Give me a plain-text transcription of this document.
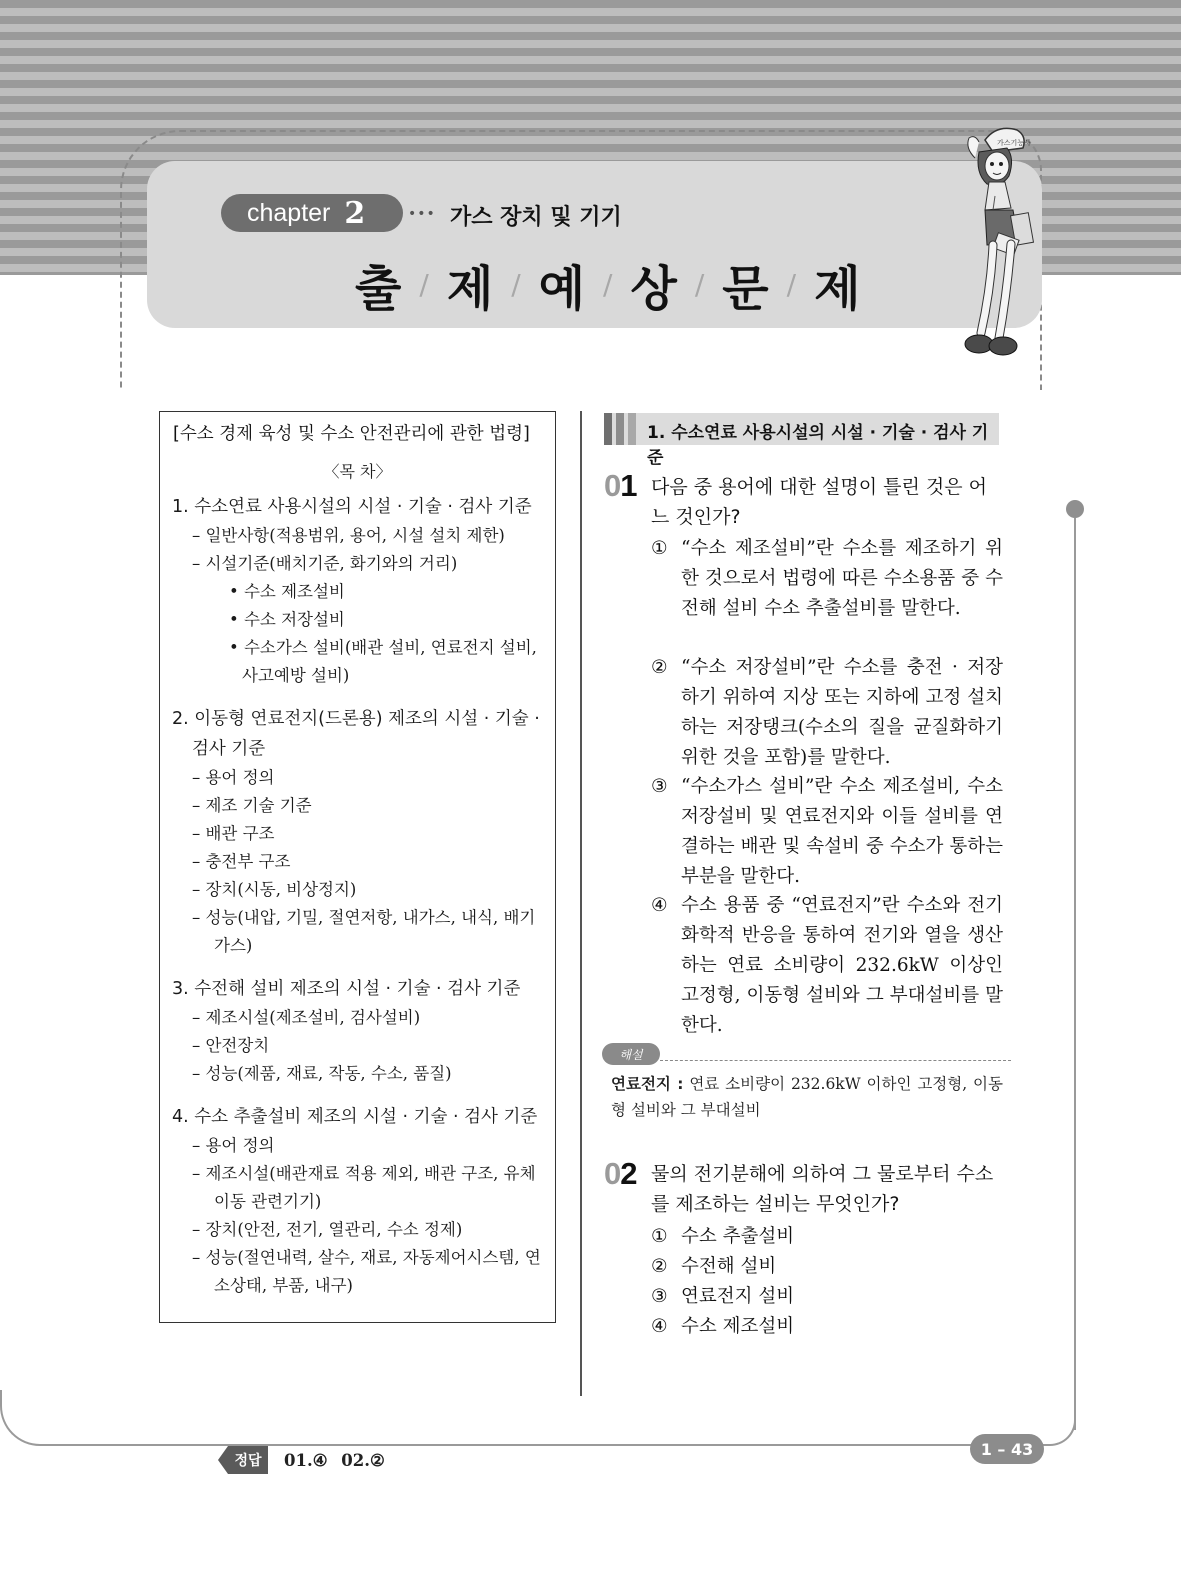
chapter 2	••• 가스 장치 및 기기
출 / 제 / 예 / 상 / 문 / 제
가스기능사
[수소 경제 육성 및 수소 안전관리에 관한 법령]
〈목 차〉
1. 수소연료 사용시설의 시설 · 기술 · 검사 기준
– 일반사항(적용범위, 용어, 시설 설치 제한)
– 시설기준(배치기준, 화기와의 거리)
• 수소 제조설비
• 수소 저장설비
• 수소가스 설비(배관 설비, 연료전지 설비, 사고예방 설비)
2. 이동형 연료전지(드론용) 제조의 시설 · 기술 · 검사 기준
– 용어 정의
– 제조 기술 기준
– 배관 구조
– 충전부 구조
– 장치(시동, 비상정지)
– 성능(내압, 기밀, 절연저항, 내가스, 내식, 배기가스)
3. 수전해 설비 제조의 시설 · 기술 · 검사 기준
– 제조시설(제조설비, 검사설비)
– 안전장치
– 성능(제품, 재료, 작동, 수소, 품질)
4. 수소 추출설비 제조의 시설 · 기술 · 검사 기준
– 용어 정의
– 제조시설(배관재료 적용 제외, 배관 구조, 유체이동 관련기기)
– 장치(안전, 전기, 열관리, 수소 정제)
– 성능(절연내력, 살수, 재료, 자동제어시스템, 연소상태, 부품, 내구)
1. 수소연료 사용시설의 시설 · 기술 · 검사 기준
01 다음 중 용어에 대한 설명이 틀린 것은 어느 것인가?
① “수소 제조설비”란 수소를 제조하기 위한 것으로서 법령에 따른 수소용품 중 수전해 설비 수소 추출설비를 말한다.
② “수소 저장설비”란 수소를 충전 · 저장하기 위하여 지상 또는 지하에 고정 설치하는 저장탱크(수소의 질을 균질화하기 위한 것을 포함)를 말한다.
③ “수소가스 설비”란 수소 제조설비, 수소 저장설비 및 연료전지와 이들 설비를 연결하는 배관 및 속설비 중 수소가 통하는 부분을 말한다.
④ 수소 용품 중 “연료전지”란 수소와 전기화학적 반응을 통하여 전기와 열을 생산하는 연료 소비량이 232.6kW 이상인 고정형, 이동형 설비와 그 부대설비를 말한다.
해설
연료전지 : 연료 소비량이 232.6kW 이하인 고정형, 이동형 설비와 그 부대설비
02 물의 전기분해에 의하여 그 물로부터 수소를 제조하는 설비는 무엇인가?
① 수소 추출설비
② 수전해 설비
③ 연료전지 설비
④ 수소 제조설비
1 – 43
정답	01.④ 02.②
